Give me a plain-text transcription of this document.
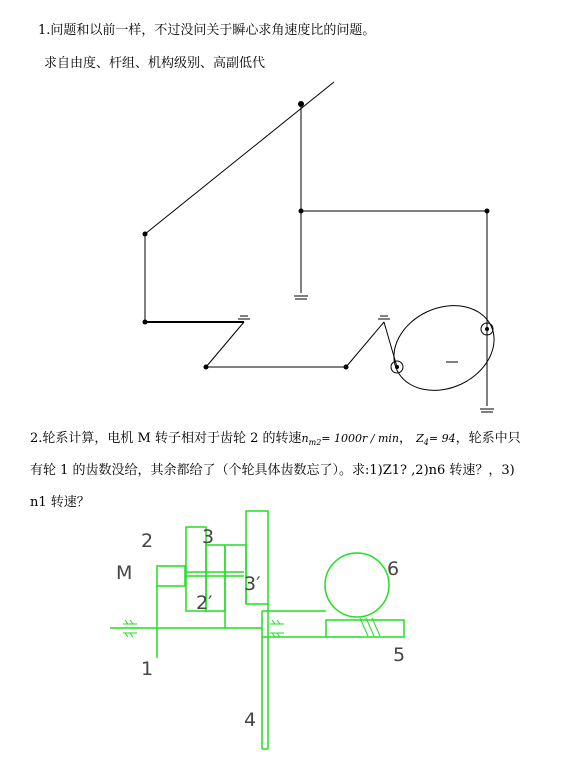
1.问题和以前一样，不过没问关于瞬心求角速度比的问题。
求自由度、杆组、机构级别、高副低代
2.轮系计算，电机 M 转子相对于齿轮 2 的转速$n_{m2}= 1000r / \min$， $Z_4= 94$，轮系中只
有轮 1 的齿数没给，其余都给了（个轮具体齿数忘了）。求:1)Z1? ,2)n6 转速？，3)
n1 转速？
2
M
3
2′
3′
1
4
5
6
